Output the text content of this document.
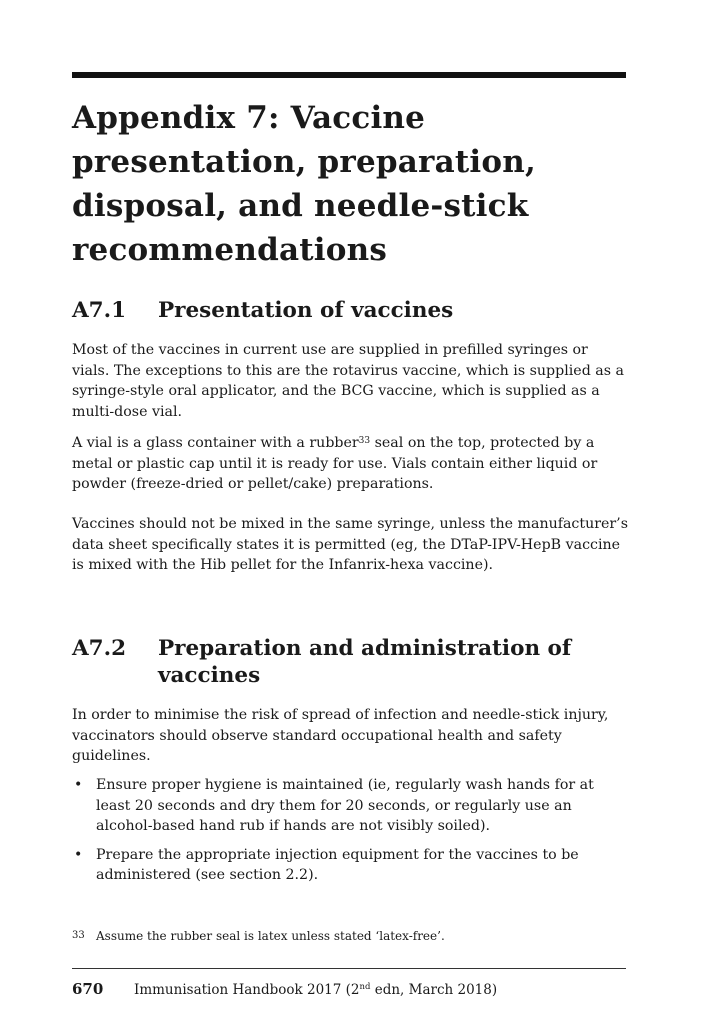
Appendix 7: Vaccine
presentation, preparation,
disposal, and needle-stick
recommendations
A7.1	Presentation of vaccines

Most of the vaccines in current use are supplied in prefilled syringes or vials. The exceptions to this are the rotavirus vaccine, which is supplied as a syringe-style oral applicator, and the BCG vaccine, which is supplied as a multi-dose vial.

A vial is a glass container with a rubber$^{33}$ seal on the top, protected by a metal or plastic cap until it is ready for use. Vials contain either liquid or powder (freeze-dried or pellet/cake) preparations.

Vaccines should not be mixed in the same syringe, unless the manufacturer’s data sheet specifically states it is permitted (eg, the DTaP-IPV-HepB vaccine is mixed with the Hib pellet for the Infanrix-hexa vaccine).

A7.2	Preparation and administration of vaccines

In order to minimise the risk of spread of infection and needle-stick injury, vaccinators should observe standard occupational health and safety guidelines.

• Ensure proper hygiene is maintained (ie, regularly wash hands for at least 20 seconds and dry them for 20 seconds, or regularly use an alcohol-based hand rub if hands are not visibly soiled).
• Prepare the appropriate injection equipment for the vaccines to be administered (see section 2.2).
33 Assume the rubber seal is latex unless stated ‘latex-free’.
670	Immunisation Handbook 2017 (2nd edn, March 2018)
